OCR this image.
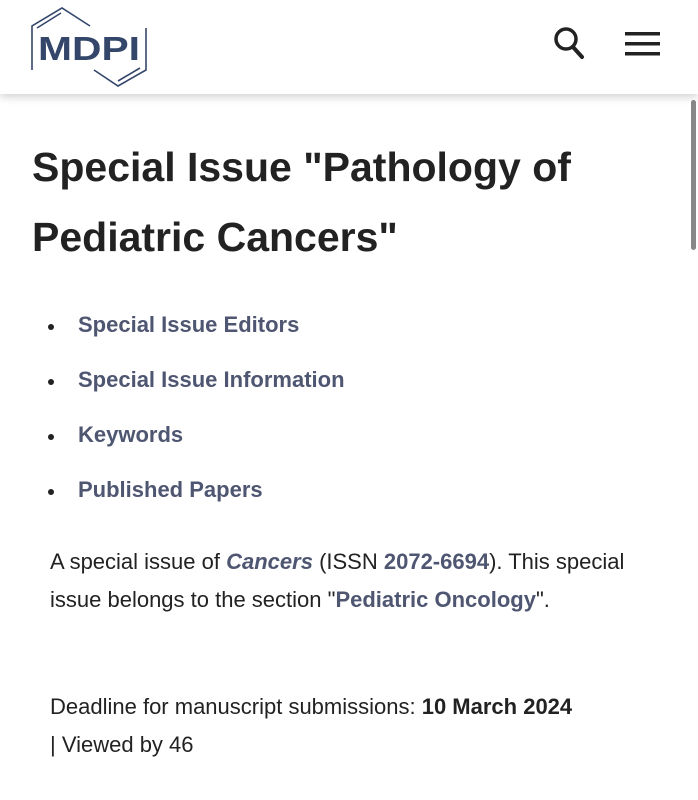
MDPI
Special Issue "Pathology of Pediatric Cancers"
Special Issue Editors
Special Issue Information
Keywords
Published Papers
A special issue of Cancers (ISSN 2072-6694). This special issue belongs to the section "Pediatric Oncology".
Deadline for manuscript submissions: 10 March 2024
| Viewed by 46
